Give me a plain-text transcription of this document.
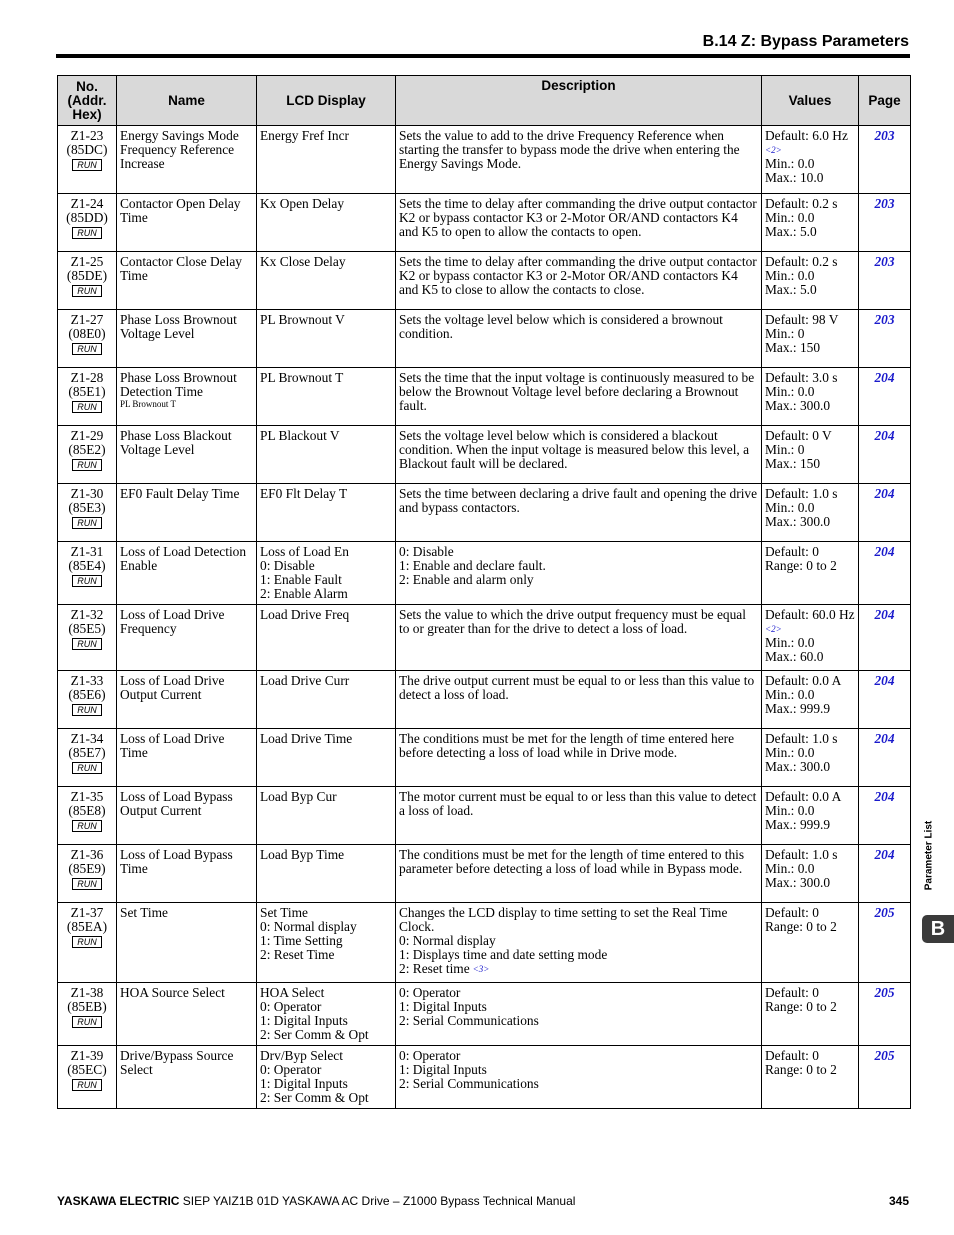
B.14 Z: Bypass Parameters
No. (Addr. Hex)	Name	LCD Display	Description	Values	Page

Z1-23
(85DC)
RUN	Energy Savings Mode Frequency Reference Increase	Energy Fref Incr	Sets the value to add to the drive Frequency Reference when starting the transfer to bypass mode the drive when entering the Energy Savings Mode.	Default: 6.0 Hz
$^{<2>}$
Min.: 0.0
Max.: 10.0	203

Z1-24
(85DD)
RUN	Contactor Open Delay Time	Kx Open Delay	Sets the time to delay after commanding the drive output contactor K2 or bypass contactor K3 or 2-Motor OR/AND contactors K4 and K5 to open to allow the contacts to open.	Default: 0.2 s
Min.: 0.0
Max.: 5.0	203

Z1-25
(85DE)
RUN	Contactor Close Delay Time	Kx Close Delay	Sets the time to delay after commanding the drive output contactor K2 or bypass contactor K3 or 2-Motor OR/AND contactors K4 and K5 to close to allow the contacts to close.	Default: 0.2 s
Min.: 0.0
Max.: 5.0	203

Z1-27
(08E0)
RUN	Phase Loss Brownout Voltage Level	PL Brownout V	Sets the voltage level below which is considered a brownout condition.	Default: 98 V
Min.: 0
Max.: 150	203

Z1-28
(85E1)
RUN	Phase Loss Brownout Detection Time
PL Brownout T	PL Brownout T	Sets the time that the input voltage is continuously measured to be below the Brownout Voltage level before declaring a Brownout fault.	Default: 3.0 s
Min.: 0.0
Max.: 300.0	204

Z1-29
(85E2)
RUN	Phase Loss Blackout Voltage Level	PL Blackout V	Sets the voltage level below which is considered a blackout condition. When the input voltage is measured below this level, a Blackout fault will be declared.	Default: 0 V
Min.: 0
Max.: 150	204

Z1-30
(85E3)
RUN	EF0 Fault Delay Time	EF0 Flt Delay T	Sets the time between declaring a drive fault and opening the drive and bypass contactors.	Default: 1.0 s
Min.: 0.0
Max.: 300.0	204

Z1-31
(85E4)
RUN	Loss of Load Detection Enable	Loss of Load En
0: Disable
1: Enable Fault
2: Enable Alarm	0: Disable
1: Enable and declare fault.
2: Enable and alarm only	Default: 0
Range: 0 to 2	204

Z1-32
(85E5)
RUN	Loss of Load Drive Frequency	Load Drive Freq	Sets the value to which the drive output frequency must be equal to or greater than for the drive to detect a loss of load.	Default: 60.0 Hz
$^{<2>}$
Min.: 0.0
Max.: 60.0	204

Z1-33
(85E6)
RUN	Loss of Load Drive Output Current	Load Drive Curr	The drive output current must be equal to or less than this value to detect a loss of load.	Default: 0.0 A
Min.: 0.0
Max.: 999.9	204

Z1-34
(85E7)
RUN	Loss of Load Drive Time	Load Drive Time	The conditions must be met for the length of time entered here before detecting a loss of load while in Drive mode.	Default: 1.0 s
Min.: 0.0
Max.: 300.0	204

Z1-35
(85E8)
RUN	Loss of Load Bypass Output Current	Load Byp Cur	The motor current must be equal to or less than this value to detect a loss of load.	Default: 0.0 A
Min.: 0.0
Max.: 999.9	204

Z1-36
(85E9)
RUN	Loss of Load Bypass Time	Load Byp Time	The conditions must be met for the length of time entered to this parameter before detecting a loss of load while in Bypass mode.	Default: 1.0 s
Min.: 0.0
Max.: 300.0	204

Z1-37
(85EA)
RUN	Set Time	Set Time
0: Normal display
1: Time Setting
2: Reset Time	Changes the LCD display to time setting to set the Real Time Clock.
0: Normal display
1: Displays time and date setting mode
2: Reset time $^{<3>}$	Default: 0
Range: 0 to 2	205

Z1-38
(85EB)
RUN	HOA Source Select	HOA Select
0: Operator
1: Digital Inputs
2: Ser Comm & Opt	0: Operator
1: Digital Inputs
2: Serial Communications	Default: 0
Range: 0 to 2	205

Z1-39
(85EC)
RUN	Drive/Bypass Source Select	Drv/Byp Select
0: Operator
1: Digital Inputs
2: Ser Comm & Opt	0: Operator
1: Digital Inputs
2: Serial Communications	Default: 0
Range: 0 to 2	205
Parameter List
B
YASKAWA ELECTRIC SIEP YAIZ1B 01D YASKAWA AC Drive – Z1000 Bypass Technical Manual	345
